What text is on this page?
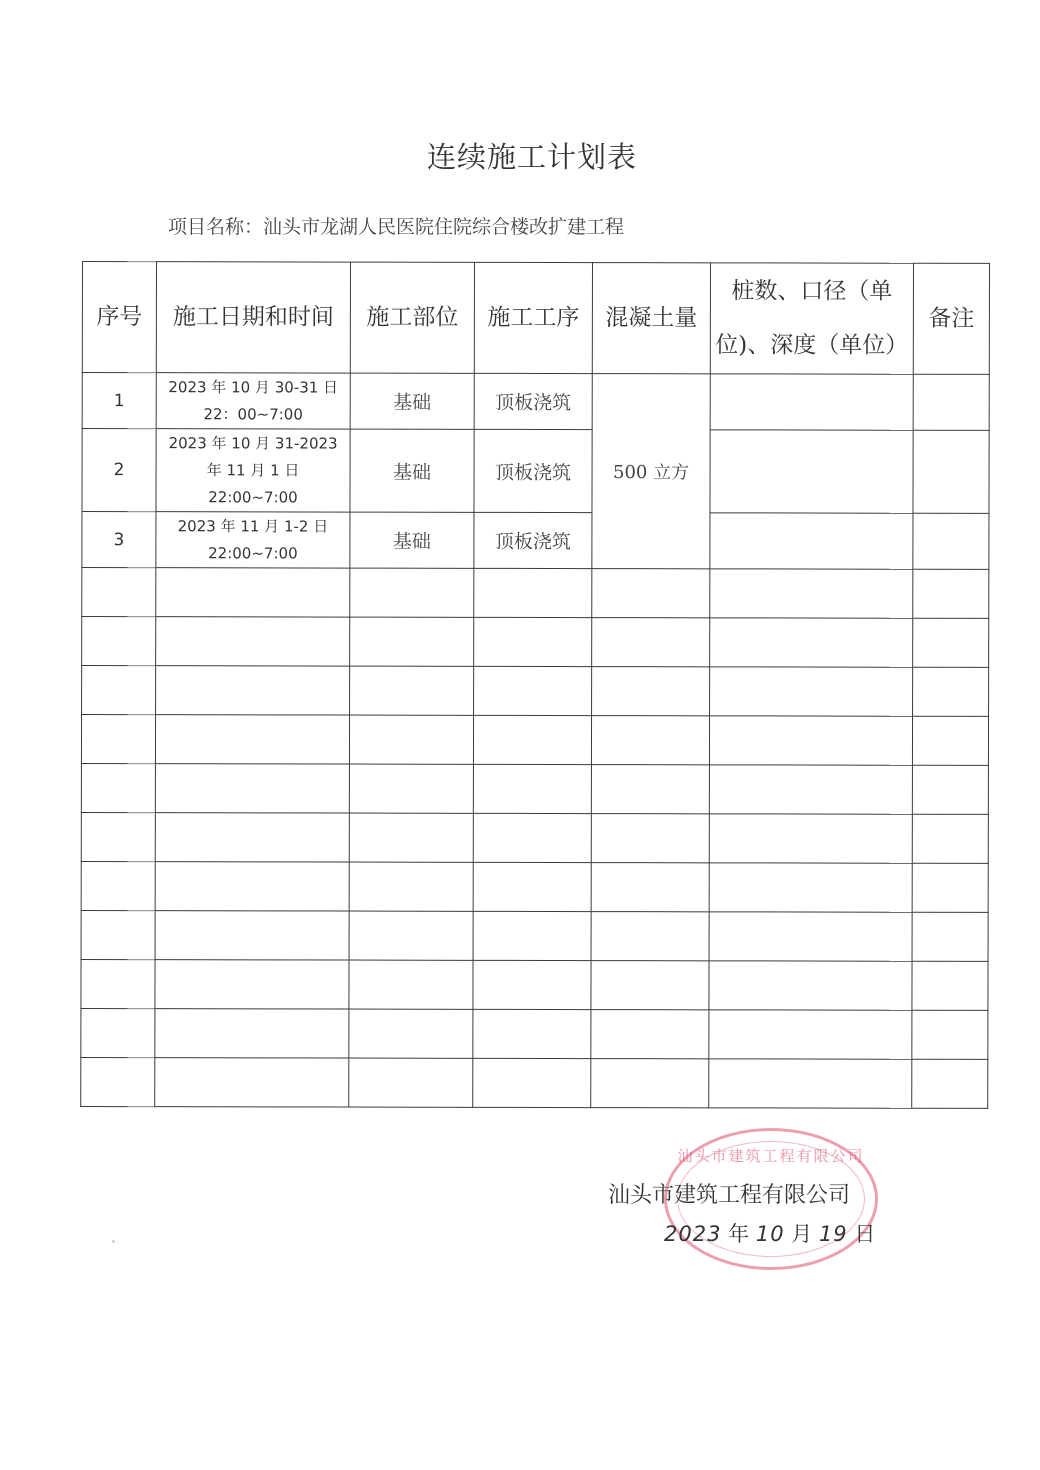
连续施工计划表
项目名称：汕头市龙湖人民医院住院综合楼改扩建工程
序号	施工日期和时间	施工部位	施工工序	混凝土量	桩数、口径（单
位)、深度（单位）	备注
1	2023 年 10 月 30-31 日
22：00~7:00	基础	顶板浇筑	500 立方		
2	2023 年 10 月 31-2023
年 11 月 1 日
22:00~7:00	基础	顶板浇筑			
3	2023 年 11 月 1-2 日
22:00~7:00	基础	顶板浇筑			

汕头市建筑工程有限公司
汕头市建筑工程有限公司
2023 年 10 月 19 日
